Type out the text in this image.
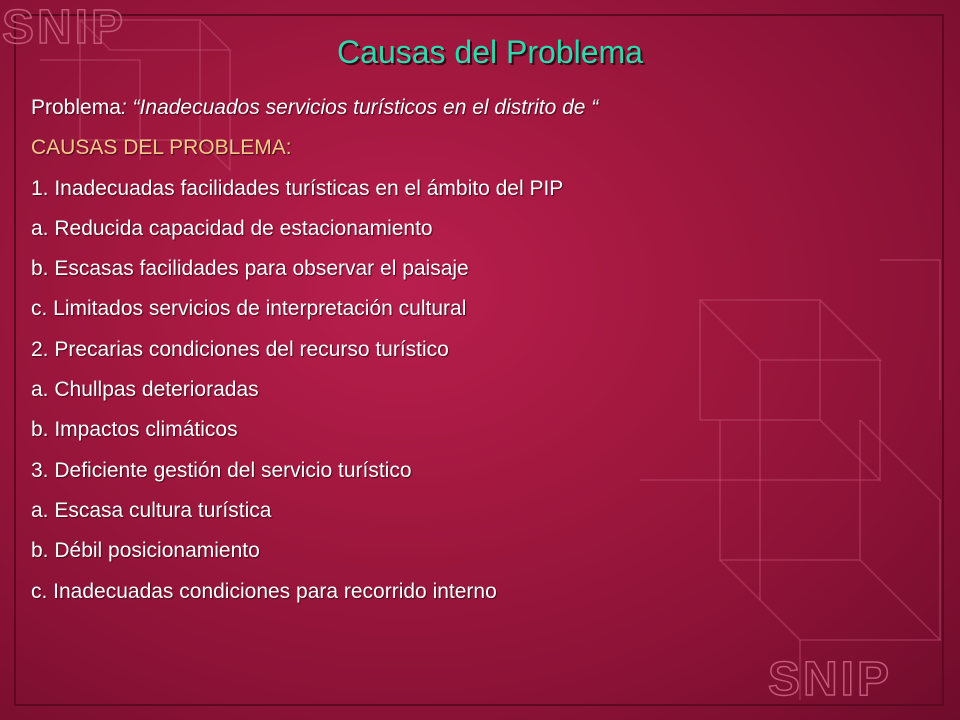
SNIP
SNIP
Causas del Problema
Problema: “Inadecuados servicios turísticos en el distrito de “
CAUSAS DEL PROBLEMA:
1. Inadecuadas facilidades turísticas en el ámbito del PIP
a. Reducida capacidad de estacionamiento
b. Escasas facilidades para observar el paisaje
c. Limitados servicios de interpretación cultural
2. Precarias condiciones del recurso turístico
a. Chullpas deterioradas
b. Impactos climáticos
3. Deficiente gestión del servicio turístico
a. Escasa cultura turística
b. Débil posicionamiento
c. Inadecuadas condiciones para recorrido interno
